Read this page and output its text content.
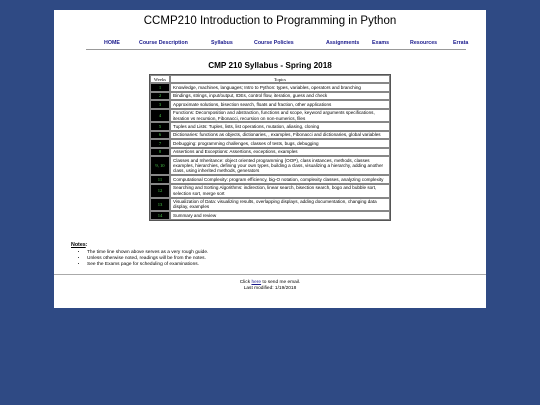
CCMP210 Introduction to Programming in Python
HOME	Course Description	Syllabus	Course Policies	Assignments Exams	Resources	Errata
CMP 210 Syllabus - Spring 2018
Weeks	Topics
1	Knowledge, machines, languages; Intro to Python: types, variables, operators and branching
2	Bindings, strings, input/output, IDEs, control flow, iteration, guess and check
3	Approximate solutions, bisection search, floats and fraction, other applications
4	Functions: Decomposition and abstraction, functions and scope, keyword arguments specifications, iteration vs recursion, Fibonacci, recursion on non-numerics, files
5	Tuples and Lists: Tuples, lists, list operations, mutation, aliasing, cloning
6	Dictionaries: functions as objects, dictionaries, , examples, Fibonacci and dictionaries, global variables
7	Debugging: programming challenges, classes of tests, bugs, debugging
8	Assertions and Exceptions: Assertions, exceptions, examples
9, 10	Classes and Inheritance: object oriented programming (OOP), class instances, methods, classes examples, hierarchies, defining your own types, building a class, visualizing a hierarchy, adding another class, using inherited methods, generators
11	Computational Complexity: program efficiency, big-O notation, complexity classes, analyzing complexity
12	Searching and Sorting Algorithms: indirection, linear search, bisection search, bogo and bubble sort, selection sort, merge sort
13	Visualization of Data: visualizing results, overlapping displays, adding documentation, changing data display, examples
14	Summary and review
Notes:
• The time line shown above serves as a very rough guide.
• Unless otherwise noted, readings will be from the notes.
• See the Exams page for scheduling of examinations.
Click here to send me email.
Last modified: 1/19/2018
